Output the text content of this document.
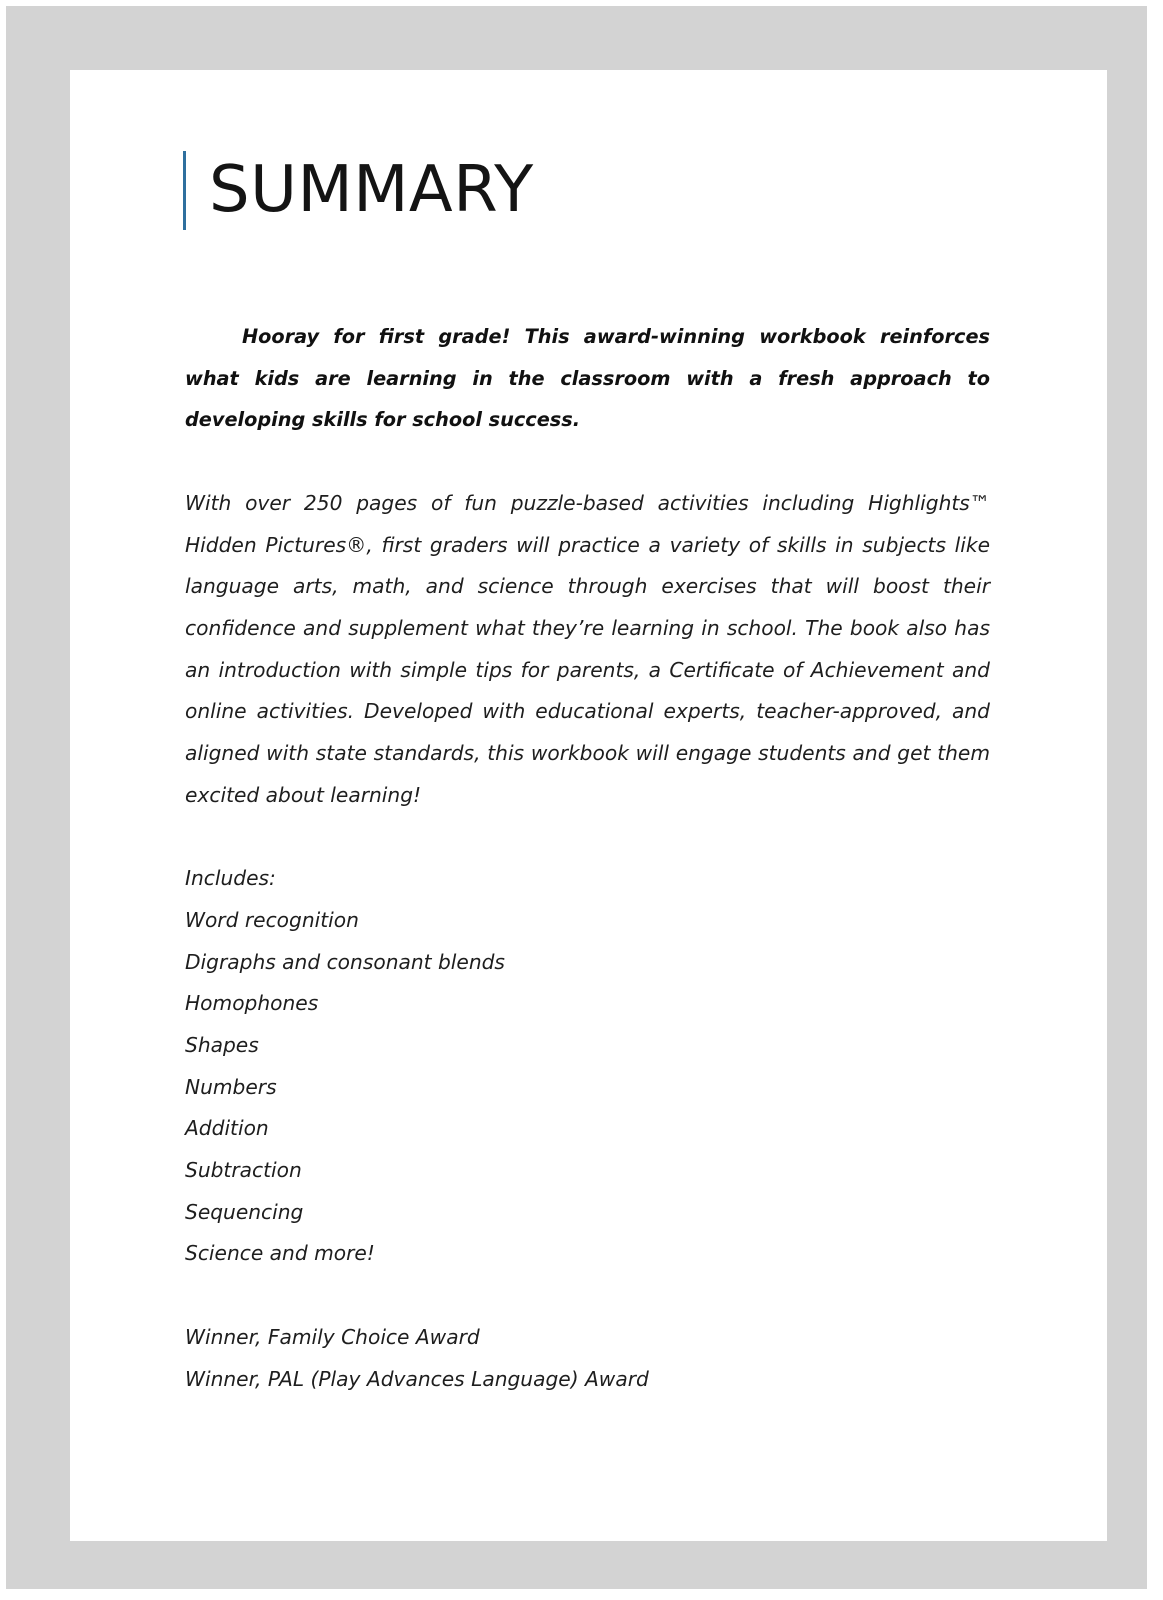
SUMMARY

Hooray for first grade! This award-winning workbook reinforces what kids are learning in the classroom with a fresh approach to developing skills for school success.

With over 250 pages of fun puzzle-based activities including Highlights™ Hidden Pictures®, first graders will practice a variety of skills in subjects like language arts, math, and science through exercises that will boost their confidence and supplement what they’re learning in school. The book also has an introduction with simple tips for parents, a Certificate of Achievement and online activities. Developed with educational experts, teacher-approved, and aligned with state standards, this workbook will engage students and get them excited about learning!

Includes:
Word recognition
Digraphs and consonant blends
Homophones
Shapes
Numbers
Addition
Subtraction
Sequencing
Science and more!
Winner, Family Choice Award
Winner, PAL (Play Advances Language) Award
